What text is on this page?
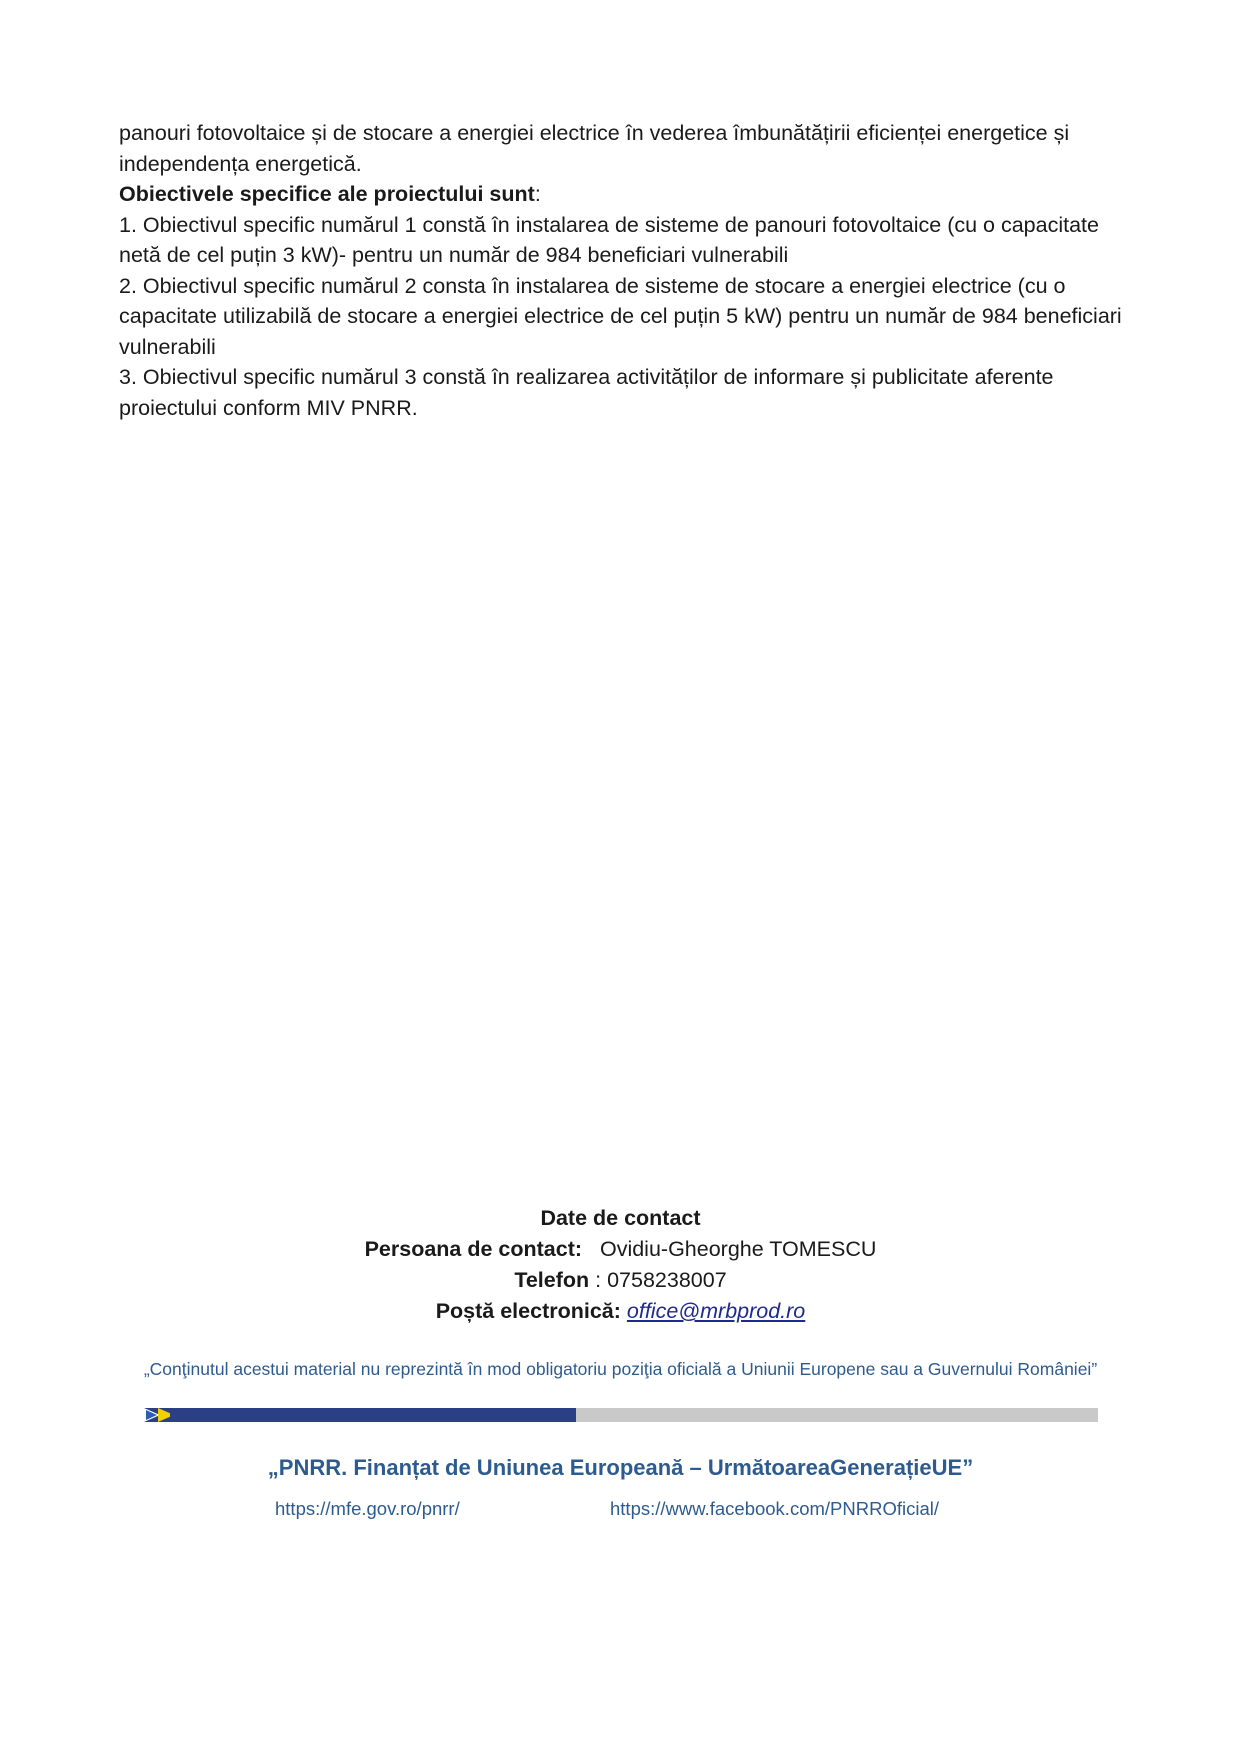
panouri fotovoltaice și de stocare a energiei electrice în vederea îmbunătățirii eficienței energetice și independența energetică.

Obiectivele specifice ale proiectului sunt:

1. Obiectivul specific numărul 1 constă în instalarea de sisteme de panouri fotovoltaice (cu o capacitate netă de cel puțin 3 kW)- pentru un număr de 984 beneficiari vulnerabili

2. Obiectivul specific numărul 2 consta în instalarea de sisteme de stocare a energiei electrice (cu o capacitate utilizabilă de stocare a energiei electrice de cel puțin 5 kW) pentru un număr de 984 beneficiari vulnerabili

3. Obiectivul specific numărul 3 constă în realizarea activităților de informare și publicitate aferente proiectului conform MIV PNRR.

Date de contact
Persoana de contact: Ovidiu-Gheorghe TOMESCU
Telefon : 0758238007
Poștă electronică: office@mrbprod.ro
„Conţinutul acestui material nu reprezintă în mod obligatoriu poziţia oficială a Uniunii Europene sau a Guvernului României”
„PNRR. Finanțat de Uniunea Europeană – UrmătoareaGenerațieUE”
https://mfe.gov.ro/pnrr/	https://www.facebook.com/PNRROficial/
